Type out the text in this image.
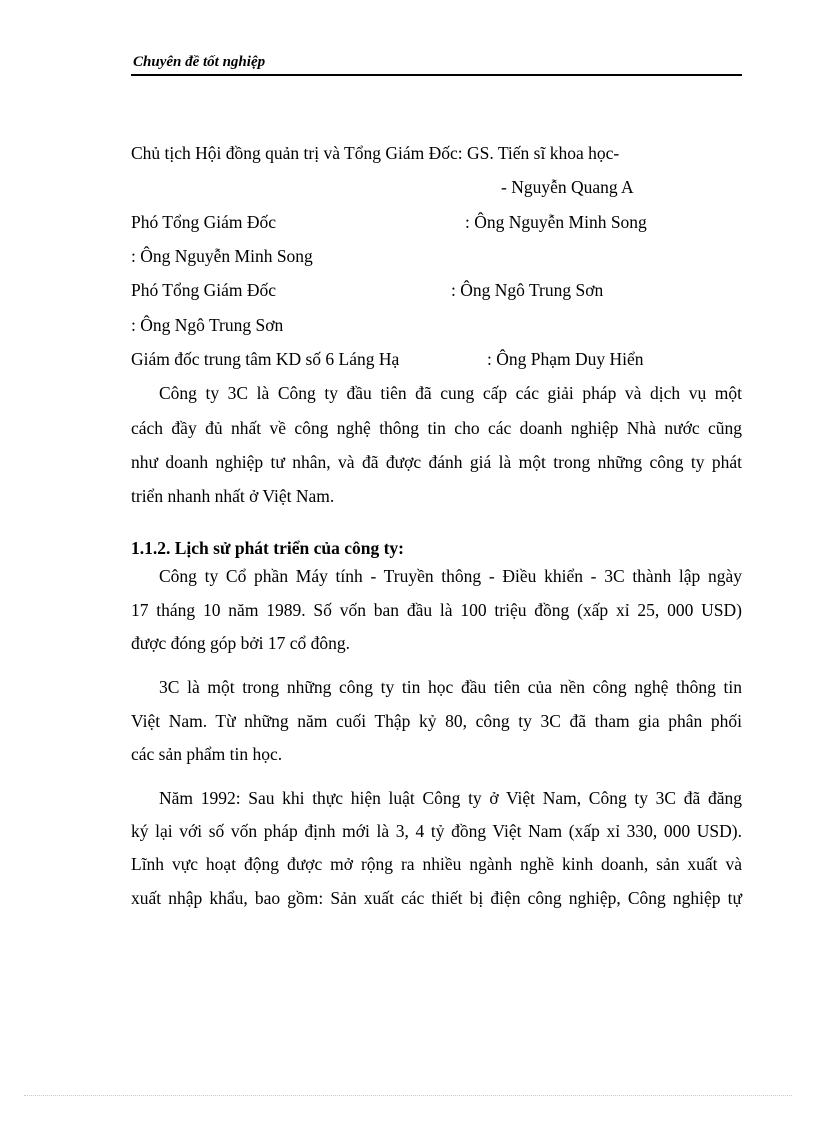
Chuyên đề tốt nghiệp
Chủ tịch Hội đồng quản trị và Tổng Giám Đốc: GS. Tiến sĩ khoa học-
- Nguyễn Quang A
Phó Tổng Giám Đốc	: Ông Nguyễn Minh Song
: Ông Nguyễn Minh Song
Phó Tổng Giám Đốc	: Ông Ngô Trung Sơn
: Ông Ngô Trung Sơn
Giám đốc trung tâm KD số 6 Láng Hạ	: Ông Phạm Duy Hiển
Công ty 3C là Công ty đầu tiên đã cung cấp các giải pháp và dịch vụ một
cách đầy đủ nhất về công nghệ thông tin cho các doanh nghiệp Nhà nước cũng
như doanh nghiệp tư nhân, và đã được đánh giá là một trong những công ty phát
triển nhanh nhất ở Việt Nam.
1.1.2. Lịch sử phát triển của công ty:
Công ty Cổ phần Máy tính - Truyền thông - Điều khiển - 3C thành lập ngày
17 tháng 10 năm 1989. Số vốn ban đầu là 100 triệu đồng (xấp xỉ 25, 000 USD)
được đóng góp bởi 17 cổ đông.
3C là một trong những công ty tin học đầu tiên của nền công nghệ thông tin
Việt Nam. Từ những năm cuối Thập kỷ 80, công ty 3C đã tham gia phân phối
các sản phẩm tin học.
Năm 1992: Sau khi thực hiện luật Công ty ở Việt Nam, Công ty 3C đã đăng
ký lại với số vốn pháp định mới là 3, 4 tỷ đồng Việt Nam (xấp xỉ 330, 000 USD).
Lĩnh vực hoạt động được mở rộng ra nhiều ngành nghề kinh doanh, sản xuất và
xuất nhập khẩu, bao gồm: Sản xuất các thiết bị điện công nghiệp, Công nghiệp tự
